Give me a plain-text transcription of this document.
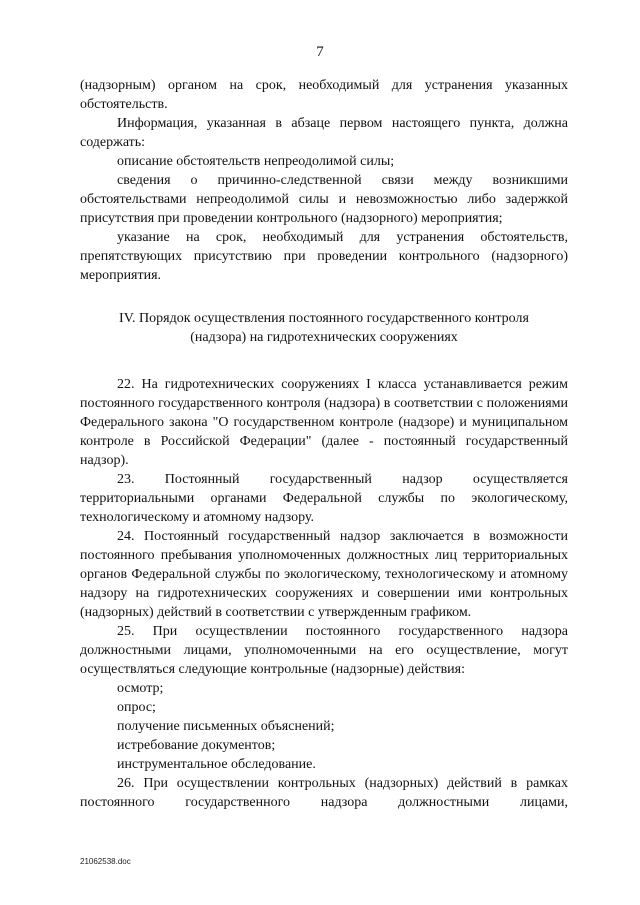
7

(надзорным) органом на срок, необходимый для устранения указанных обстоятельств.

Информация, указанная в абзаце первом настоящего пункта, должна содержать:

описание обстоятельств непреодолимой силы;

сведения о причинно-следственной связи между возникшими обстоятельствами непреодолимой силы и невозможностью либо задержкой присутствия при проведении контрольного (надзорного) мероприятия;

указание на срок, необходимый для устранения обстоятельств, препятствующих присутствию при проведении контрольного (надзорного) мероприятия.

IV. Порядок осуществления постоянного государственного контроля (надзора) на гидротехнических сооружениях

22. На гидротехнических сооружениях I класса устанавливается режим постоянного государственного контроля (надзора) в соответствии с положениями Федерального закона "О государственном контроле (надзоре) и муниципальном контроле в Российской Федерации" (далее - постоянный государственный надзор).

23. Постоянный государственный надзор осуществляется территориальными органами Федеральной службы по экологическому, технологическому и атомному надзору.

24. Постоянный государственный надзор заключается в возможности постоянного пребывания уполномоченных должностных лиц территориальных органов Федеральной службы по экологическому, технологическому и атомному надзору на гидротехнических сооружениях и совершении ими контрольных (надзорных) действий в соответствии с утвержденным графиком.

25. При осуществлении постоянного государственного надзора должностными лицами, уполномоченными на его осуществление, могут осуществляться следующие контрольные (надзорные) действия:

осмотр;

опрос;

получение письменных объяснений;

истребование документов;

инструментальное обследование.

26. При осуществлении контрольных (надзорных) действий в рамках постоянного государственного надзора должностными лицами,

21062538.doc
